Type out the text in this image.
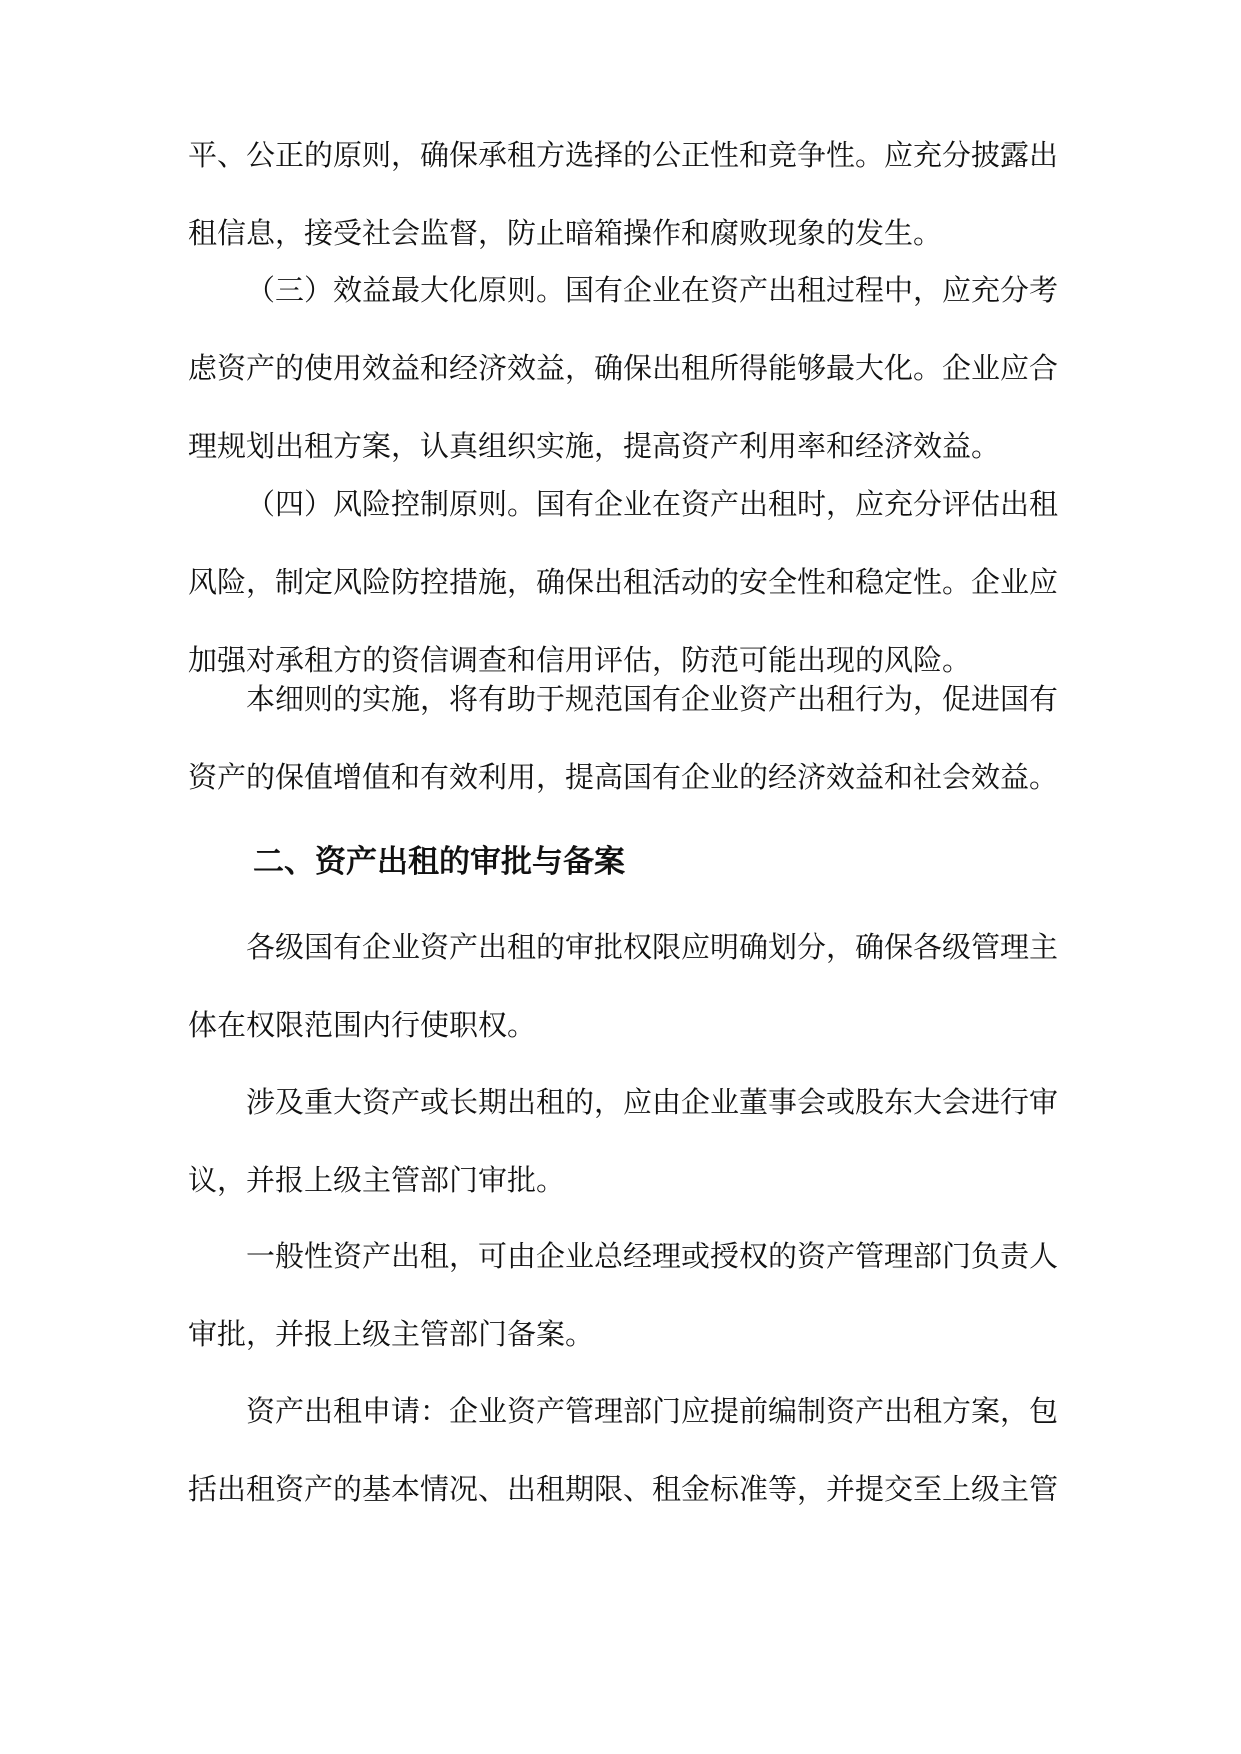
平、公正的原则，确保承租方选择的公正性和竞争性。应充分披露出租信息，接受社会监督，防止暗箱操作和腐败现象的发生。

（三）效益最大化原则。国有企业在资产出租过程中，应充分考虑资产的使用效益和经济效益，确保出租所得能够最大化。企业应合理规划出租方案，认真组织实施，提高资产利用率和经济效益。

（四）风险控制原则。国有企业在资产出租时，应充分评估出租风险，制定风险防控措施，确保出租活动的安全性和稳定性。企业应加强对承租方的资信调查和信用评估，防范可能出现的风险。

本细则的实施，将有助于规范国有企业资产出租行为，促进国有资产的保值增值和有效利用，提高国有企业的经济效益和社会效益。

二、资产出租的审批与备案

各级国有企业资产出租的审批权限应明确划分，确保各级管理主体在权限范围内行使职权。

涉及重大资产或长期出租的，应由企业董事会或股东大会进行审议，并报上级主管部门审批。

一般性资产出租，可由企业总经理或授权的资产管理部门负责人审批，并报上级主管部门备案。

资产出租申请：企业资产管理部门应提前编制资产出租方案，包括出租资产的基本情况、出租期限、租金标准等，并提交至上级主管
